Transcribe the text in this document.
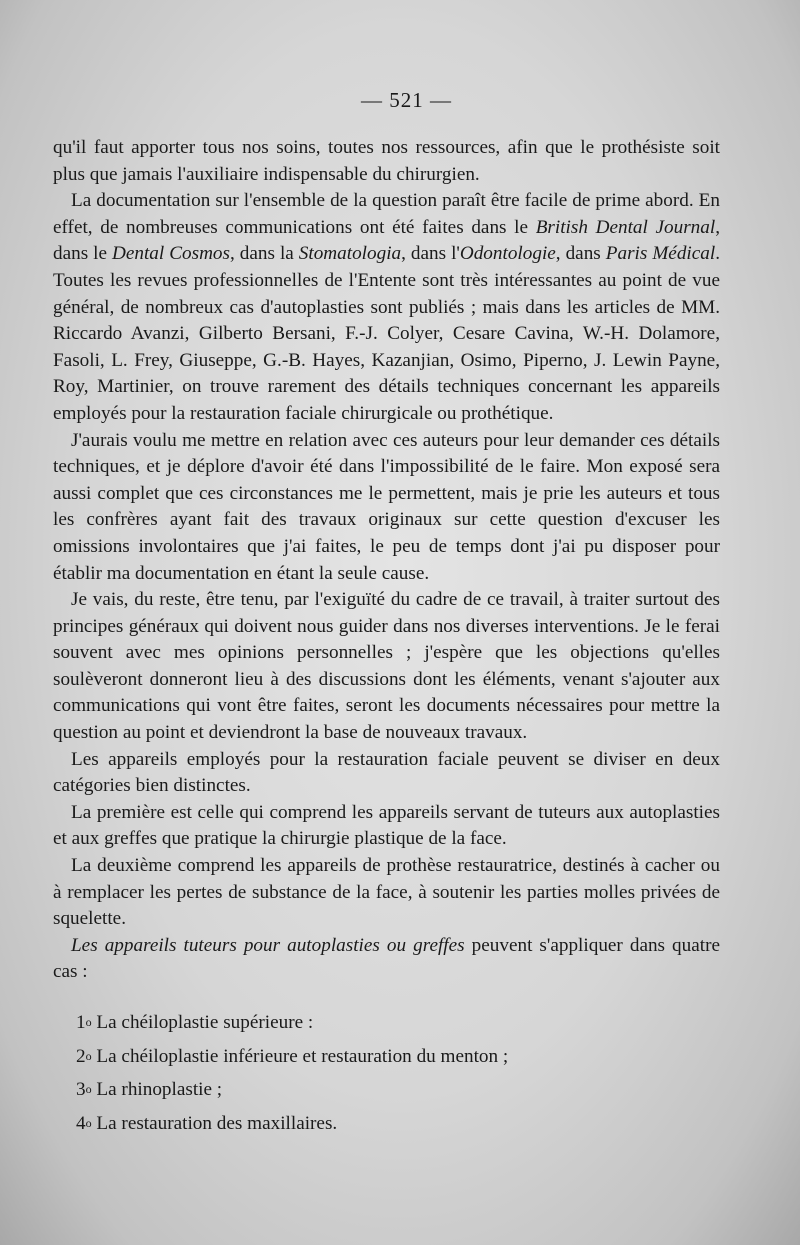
— 521 —

qu'il faut apporter tous nos soins, toutes nos ressources, afin que le prothésiste soit plus que jamais l'auxiliaire indispensable du chirurgien.

La documentation sur l'ensemble de la question paraît être facile de prime abord. En effet, de nombreuses communications ont été faites dans le British Dental Journal, dans le Dental Cosmos, dans la Stomatologia, dans l'Odontologie, dans Paris Médical. Toutes les revues professionnelles de l'Entente sont très intéressantes au point de vue général, de nombreux cas d'autoplasties sont publiés ; mais dans les articles de MM. Riccardo Avanzi, Gilberto Bersani, F.-J. Colyer, Cesare Cavina, W.-H. Dolamore, Fasoli, L. Frey, Giuseppe, G.-B. Hayes, Kazanjian, Osimo, Piperno, J. Lewin Payne, Roy, Martinier, on trouve rarement des détails techniques concernant les appareils employés pour la restauration faciale chirurgicale ou prothétique.

J'aurais voulu me mettre en relation avec ces auteurs pour leur demander ces détails techniques, et je déplore d'avoir été dans l'impossibilité de le faire. Mon exposé sera aussi complet que ces circonstances me le permettent, mais je prie les auteurs et tous les confrères ayant fait des travaux originaux sur cette question d'excuser les omissions involontaires que j'ai faites, le peu de temps dont j'ai pu disposer pour établir ma documentation en étant la seule cause.

Je vais, du reste, être tenu, par l'exiguïté du cadre de ce travail, à traiter surtout des principes généraux qui doivent nous guider dans nos diverses interventions. Je le ferai souvent avec mes opinions personnelles ; j'espère que les objections qu'elles soulèveront donneront lieu à des discussions dont les éléments, venant s'ajouter aux communications qui vont être faites, seront les documents nécessaires pour mettre la question au point et deviendront la base de nouveaux travaux.

Les appareils employés pour la restauration faciale peuvent se diviser en deux catégories bien distinctes.

La première est celle qui comprend les appareils servant de tuteurs aux autoplasties et aux greffes que pratique la chirurgie plastique de la face.

La deuxième comprend les appareils de prothèse restauratrice, destinés à cacher ou à remplacer les pertes de substance de la face, à soutenir les parties molles privées de squelette.

Les appareils tuteurs pour autoplasties ou greffes peuvent s'appliquer dans quatre cas :

1$^o$ La chéiloplastie supérieure :
2$^o$ La chéiloplastie inférieure et restauration du menton ;
3$^o$ La rhinoplastie ;
4$^o$ La restauration des maxillaires.
